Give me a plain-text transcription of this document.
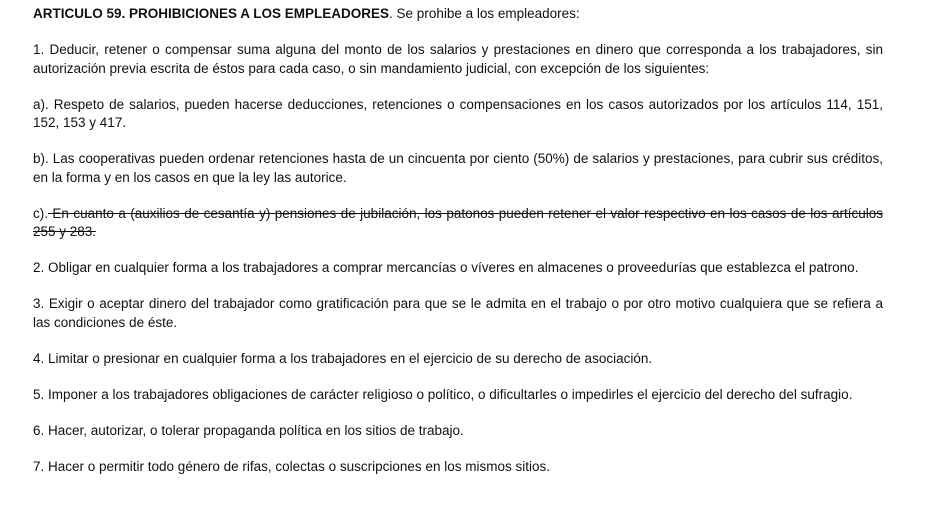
ARTICULO 59. PROHIBICIONES A LOS EMPLEADORES. Se prohibe a los empleadores:

1. Deducir, retener o compensar suma alguna del monto de los salarios y prestaciones en dinero que corresponda a los trabajadores, sin autorización previa escrita de éstos para cada caso, o sin mandamiento judicial, con excepción de los siguientes:

a). Respeto de salarios, pueden hacerse deducciones, retenciones o compensaciones en los casos autorizados por los artículos 114, 151, 152, 153 y 417.

b). Las cooperativas pueden ordenar retenciones hasta de un cincuenta por ciento (50%) de salarios y prestaciones, para cubrir sus créditos, en la forma y en los casos en que la ley las autorice.

c). En cuanto a (auxilios de cesantía y) pensiones de jubilación, los patonos pueden retener el valor respectivo en los casos de los artículos 255 y 283.

2. Obligar en cualquier forma a los trabajadores a comprar mercancías o víveres en almacenes o proveedurías que establezca el patrono.

3. Exigir o aceptar dinero del trabajador como gratificación para que se le admita en el trabajo o por otro motivo cualquiera que se refiera a las condiciones de éste.

4. Limitar o presionar en cualquier forma a los trabajadores en el ejercicio de su derecho de asociación.

5. Imponer a los trabajadores obligaciones de carácter religioso o político, o dificultarles o impedirles el ejercicio del derecho del sufragio.

6. Hacer, autorizar, o tolerar propaganda política en los sitios de trabajo.

7. Hacer o permitir todo género de rifas, colectas o suscripciones en los mismos sitios.
